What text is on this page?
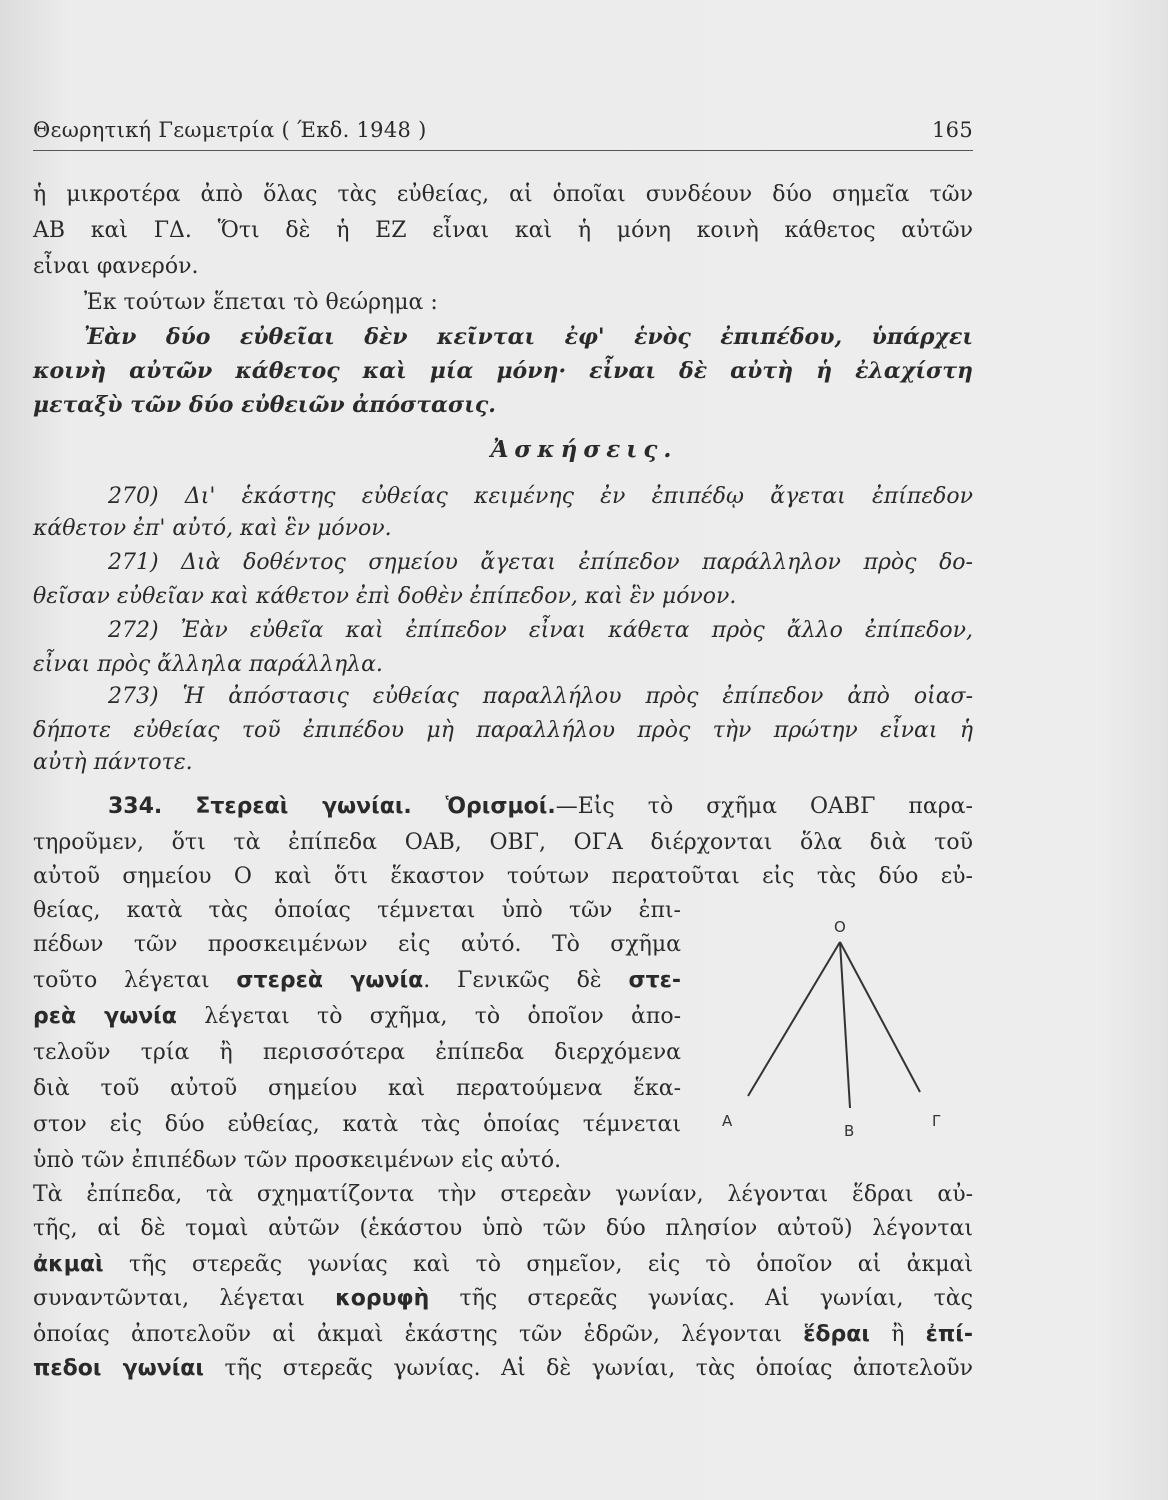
Θεωρητική Γεωμετρία ( Έκδ. 1948 )	165
ἡ μικροτέρα ἀπὸ ὅλας τὰς εὐθείας, αἱ ὁποῖαι συνδέουν δύο σημεῖα τῶν
ΑΒ καὶ ΓΔ. Ὅτι δὲ ἡ ΕΖ εἶναι καὶ ἡ μόνη κοινὴ κάθετος αὐτῶν
εἶναι φανερόν.
Ἐκ τούτων ἕπεται τὸ θεώρημα :
Ἐὰν δύο εὐθεῖαι δὲν κεῖνται ἐφ' ἑνὸς ἐπιπέδου, ὑπάρχει
κοινὴ αὐτῶν κάθετος καὶ μία μόνη· εἶναι δὲ αὐτὴ ἡ ἐλαχίστη
μεταξὺ τῶν δύο εὐθειῶν ἀπόστασις.
Ἀσκήσεις.
270) Δι' ἑκάστης εὐθείας κειμένης ἐν ἐπιπέδῳ ἄγεται ἐπίπεδον
κάθετον ἐπ' αὐτό, καὶ ἓν μόνον.
271) Διὰ δοθέντος σημείου ἄγεται ἐπίπεδον παράλληλον πρὸς δο-
θεῖσαν εὐθεῖαν καὶ κάθετον ἐπὶ δοθὲν ἐπίπεδον, καὶ ἓν μόνον.
272) Ἐὰν εὐθεῖα καὶ ἐπίπεδον εἶναι κάθετα πρὸς ἄλλο ἐπίπεδον,
εἶναι πρὸς ἄλληλα παράλληλα.
273) Ἡ ἀπόστασις εὐθείας παραλλήλου πρὸς ἐπίπεδον ἀπὸ οἱασ-
δήποτε εὐθείας τοῦ ἐπιπέδου μὴ παραλλήλου πρὸς τὴν πρώτην εἶναι ἡ
αὐτὴ πάντοτε.
334. Στερεαὶ γωνίαι. Ὁρισμοί.—Εἰς τὸ σχῆμα ΟΑΒΓ παρα-
τηροῦμεν, ὅτι τὰ ἐπίπεδα ΟΑΒ, ΟΒΓ, ΟΓΑ διέρχονται ὅλα διὰ τοῦ
αὐτοῦ σημείου Ο καὶ ὅτι ἕκαστον τούτων περατοῦται εἰς τὰς δύο εὐ-
θείας, κατὰ τὰς ὁποίας τέμνεται ὑπὸ τῶν ἐπι-
πέδων τῶν προσκειμένων εἰς αὐτό. Τὸ σχῆμα
τοῦτο λέγεται στερεὰ γωνία. Γενικῶς δὲ στε-
ρεὰ γωνία λέγεται τὸ σχῆμα, τὸ ὁποῖον ἀπο-
τελοῦν τρία ἢ περισσότερα ἐπίπεδα διερχόμενα
διὰ τοῦ αὐτοῦ σημείου καὶ περατούμενα ἕκα-
στον εἰς δύο εὐθείας, κατὰ τὰς ὁποίας τέμνεται
ὑπὸ τῶν ἐπιπέδων τῶν προσκειμένων εἰς αὐτό.
Τὰ ἐπίπεδα, τὰ σχηματίζοντα τὴν στερεὰν γωνίαν, λέγονται ἕδραι αὐ-
τῆς, αἱ δὲ τομαὶ αὐτῶν (ἑκάστου ὑπὸ τῶν δύο πλησίον αὐτοῦ) λέγονται
ἀκμαὶ τῆς στερεᾶς γωνίας καὶ τὸ σημεῖον, εἰς τὸ ὁποῖον αἱ ἀκμαὶ
συναντῶνται, λέγεται κορυφὴ τῆς στερεᾶς γωνίας. Αἱ γωνίαι, τὰς
ὁποίας ἀποτελοῦν αἱ ἀκμαὶ ἑκάστης τῶν ἑδρῶν, λέγονται ἕδραι ἢ ἐπί-
πεδοι γωνίαι τῆς στερεᾶς γωνίας. Αἱ δὲ γωνίαι, τὰς ὁποίας ἀποτελοῦν
O
A
B
Γ
